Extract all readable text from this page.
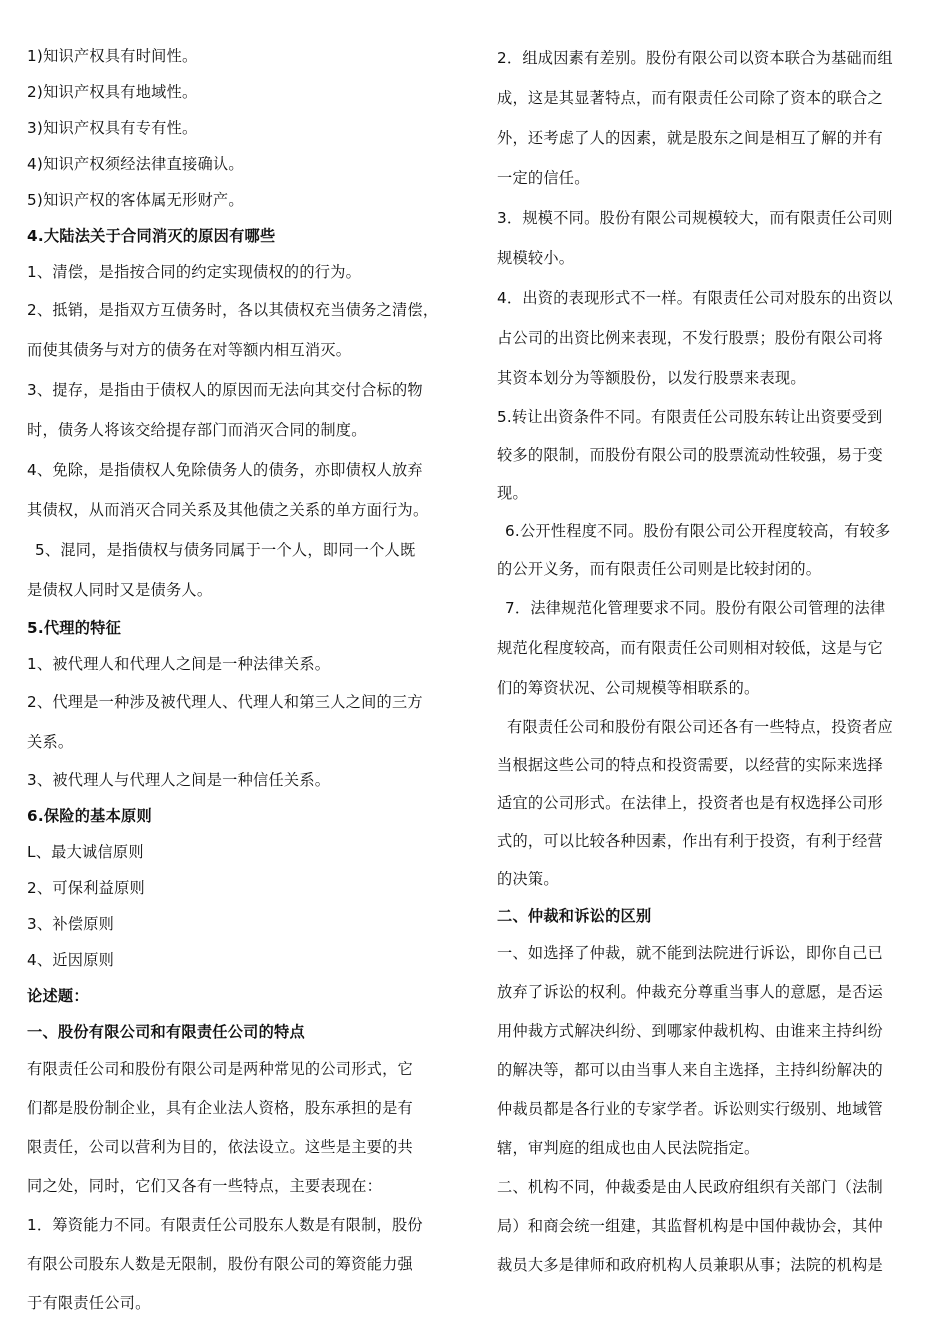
1)知识产权具有时间性。

2)知识产权具有地域性。

3)知识产权具有专有性。

4)知识产权须经法律直接确认。

5)知识产权的客体属无形财产。

4.大陆法关于合同消灭的原因有哪些

1、清偿，是指按合同的约定实现债权的的行为。

2、抵销，是指双方互债务时，各以其债权充当债务之清偿，

而使其债务与对方的债务在对等额内相互消灭。

3、提存，是指由于债权人的原因而无法向其交付合标的物

时，债务人将该交给提存部门而消灭合同的制度。

4、免除，是指债权人免除债务人的债务，亦即债权人放弃

其债权，从而消灭合同关系及其他债之关系的单方面行为。

5、混同，是指债权与债务同属于一个人，即同一个人既

是债权人同时又是债务人。

5.代理的特征

1、被代理人和代理人之间是一种法律关系。

2、代理是一种涉及被代理人、代理人和第三人之间的三方

关系。

3、被代理人与代理人之间是一种信任关系。

6.保险的基本原则

L、最大诚信原则

2、可保利益原则

3、补偿原则

4、近因原则

论述题：

一、股份有限公司和有限责任公司的特点

有限责任公司和股份有限公司是两种常见的公司形式，它

们都是股份制企业，具有企业法人资格，股东承担的是有

限责任，公司以营利为目的，依法设立。这些是主要的共

同之处，同时，它们又各有一些特点，主要表现在：

1．筹资能力不同。有限责任公司股东人数是有限制，股份

有限公司股东人数是无限制，股份有限公司的筹资能力强

于有限责任公司。

2．组成因素有差别。股份有限公司以资本联合为基础而组

成，这是其显著特点，而有限责任公司除了资本的联合之

外，还考虑了人的因素，就是股东之间是相互了解的并有

一定的信任。

3．规模不同。股份有限公司规模较大，而有限责任公司则

规模较小。

4．出资的表现形式不一样。有限责任公司对股东的出资以

占公司的出资比例来表现，不发行股票；股份有限公司将

其资本划分为等额股份，以发行股票来表现。

5.转让出资条件不同。有限责任公司股东转让出资要受到

较多的限制，而股份有限公司的股票流动性较强，易于变

现。

6.公开性程度不同。股份有限公司公开程度较高，有较多

的公开义务，而有限责任公司则是比较封闭的。

7．法律规范化管理要求不同。股份有限公司管理的法律

规范化程度较高，而有限责任公司则相对较低，这是与它

们的筹资状况、公司规模等相联系的。

有限责任公司和股份有限公司还各有一些特点，投资者应

当根据这些公司的特点和投资需要，以经营的实际来选择

适宜的公司形式。在法律上，投资者也是有权选择公司形

式的，可以比较各种因素，作出有利于投资，有利于经营

的决策。

二、仲裁和诉讼的区别

一、如选择了仲裁，就不能到法院进行诉讼，即你自己已

放弃了诉讼的权利。仲裁充分尊重当事人的意愿，是否运

用仲裁方式解决纠纷、到哪家仲裁机构、由谁来主持纠纷

的解决等，都可以由当事人来自主选择，主持纠纷解决的

仲裁员都是各行业的专家学者。诉讼则实行级别、地域管

辖，审判庭的组成也由人民法院指定。

二、机构不同，仲裁委是由人民政府组织有关部门（法制

局）和商会统一组建，其监督机构是中国仲裁协会，其仲

裁员大多是律师和政府机构人员兼职从事；法院的机构是
